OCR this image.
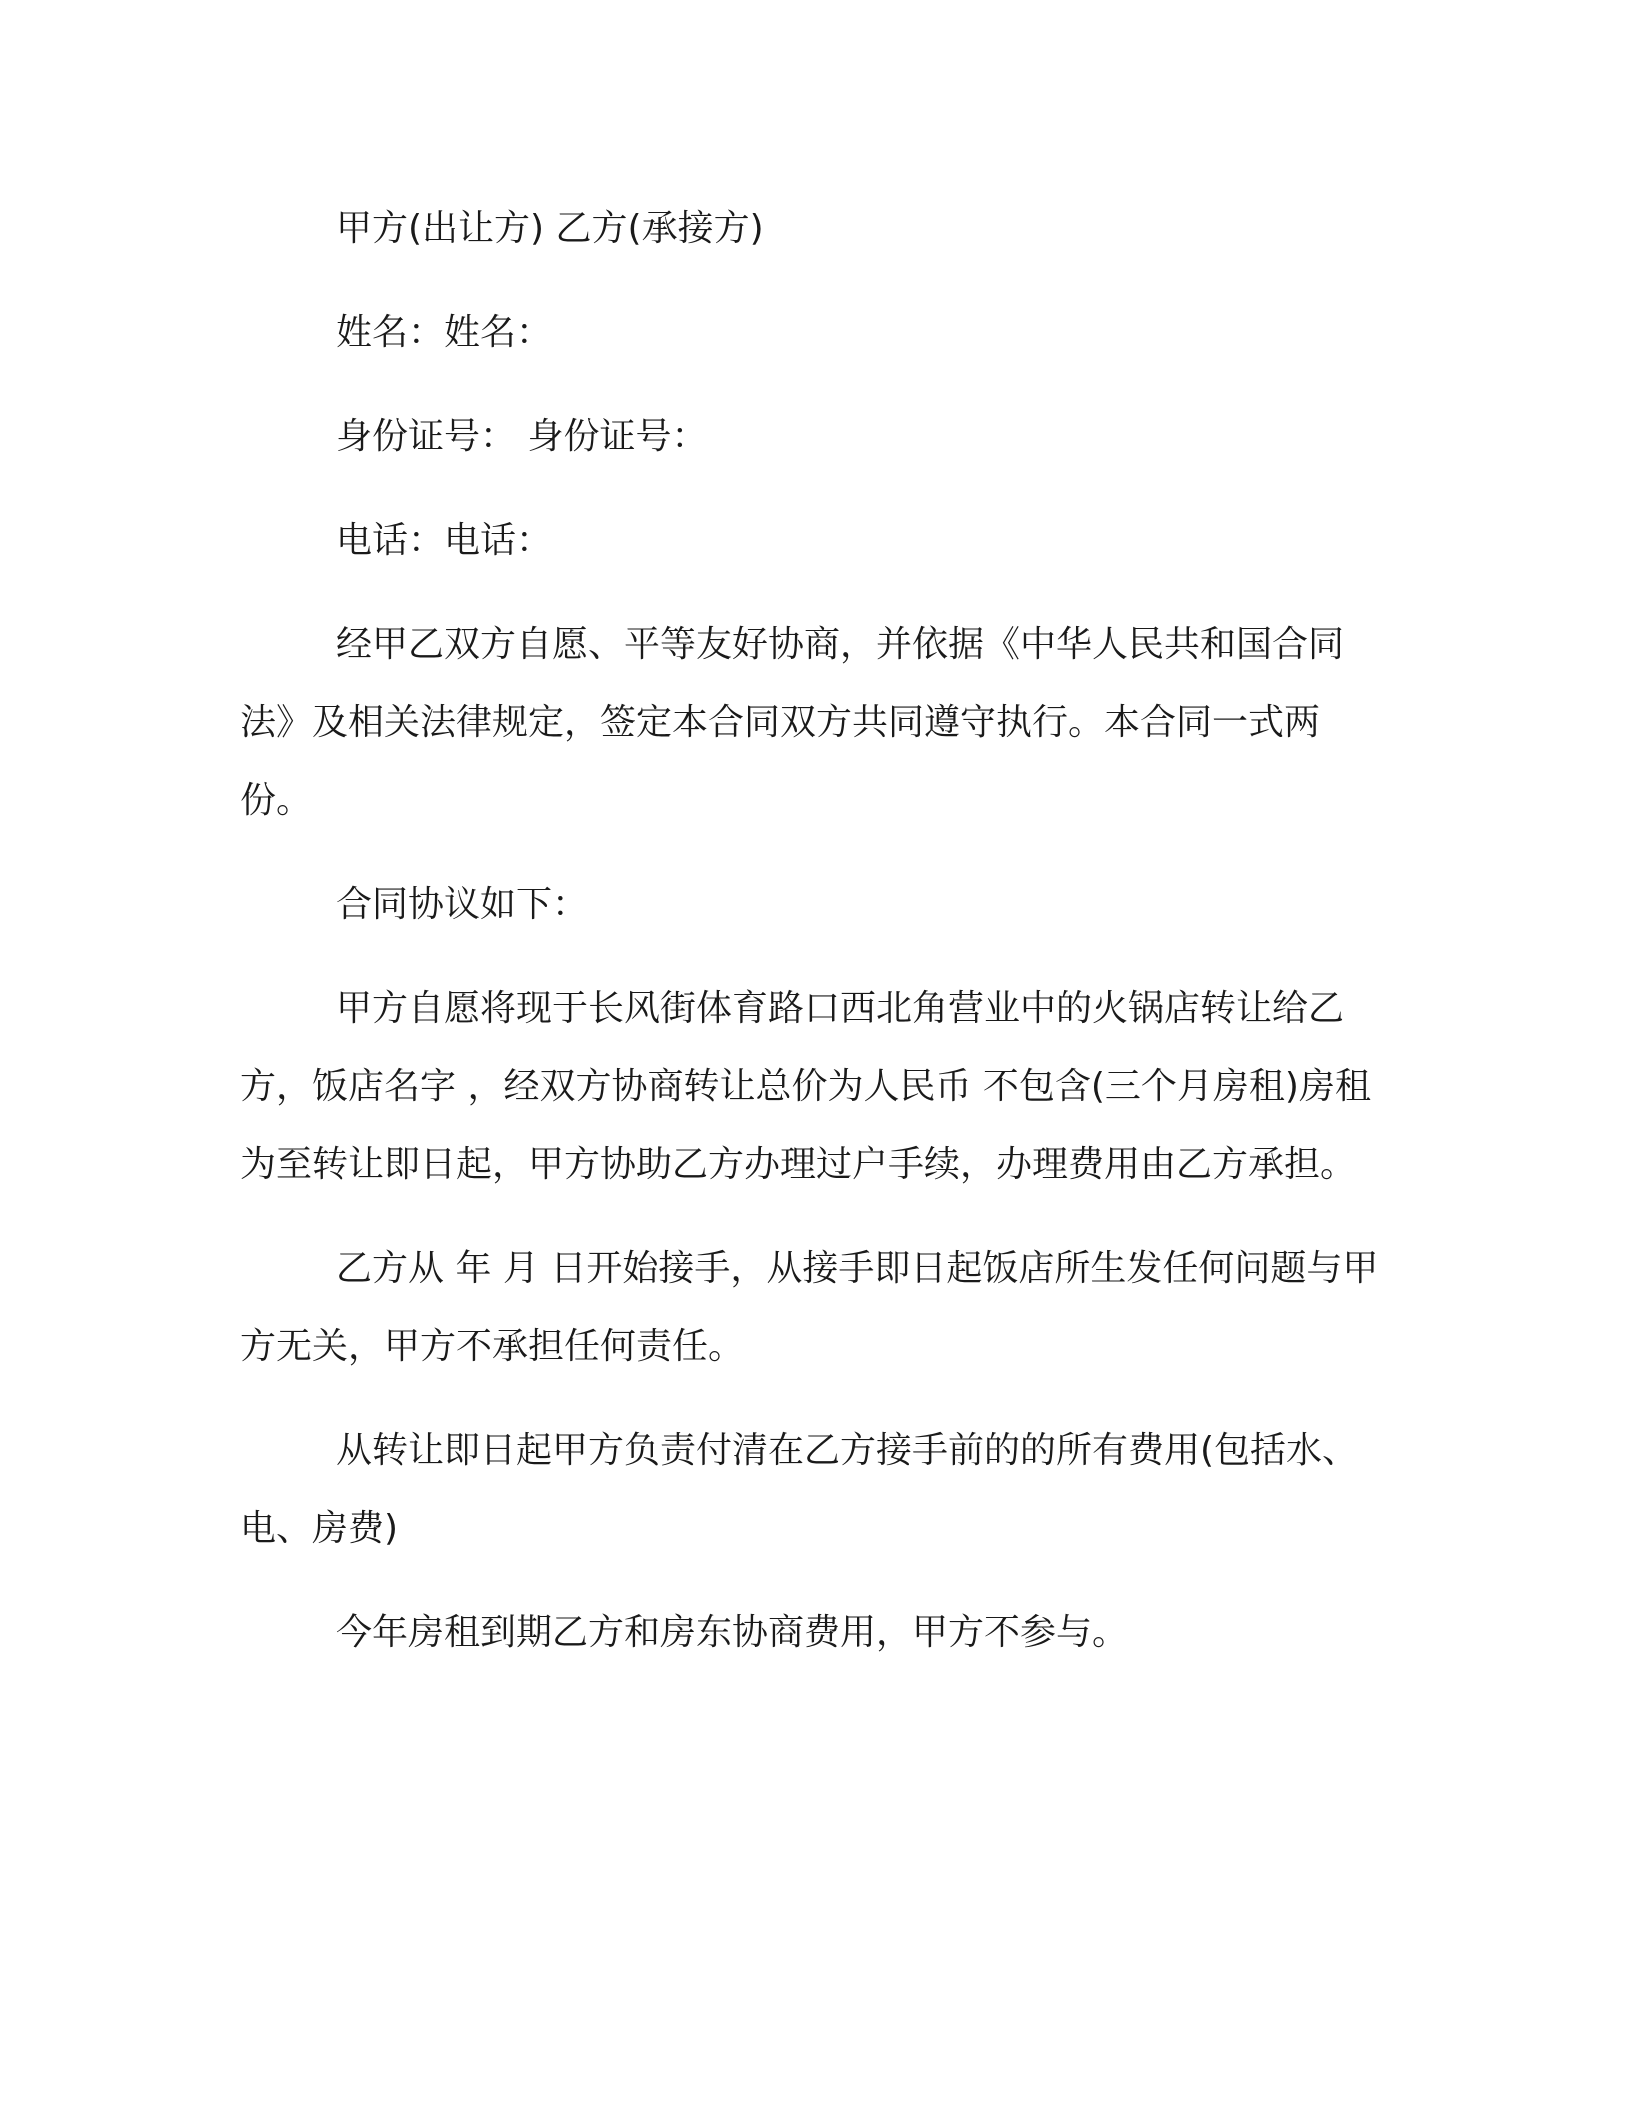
甲方(出让方) 乙方(承接方)

姓名：姓名：

身份证号： 身份证号：

电话：电话：

经甲乙双方自愿、平等友好协商，并依据《中华人民共和国合同法》及相关法律规定，签定本合同双方共同遵守执行。本合同一式两份。

合同协议如下：

甲方自愿将现于长风街体育路口西北角营业中的火锅店转让给乙方，饭店名字 ，经双方协商转让总价为人民币 不包含(三个月房租)房租为至转让即日起，甲方协助乙方办理过户手续，办理费用由乙方承担。

乙方从 年 月 日开始接手，从接手即日起饭店所生发任何问题与甲方无关，甲方不承担任何责任。

从转让即日起甲方负责付清在乙方接手前的的所有费用(包括水、电、房费)

今年房租到期乙方和房东协商费用，甲方不参与。
